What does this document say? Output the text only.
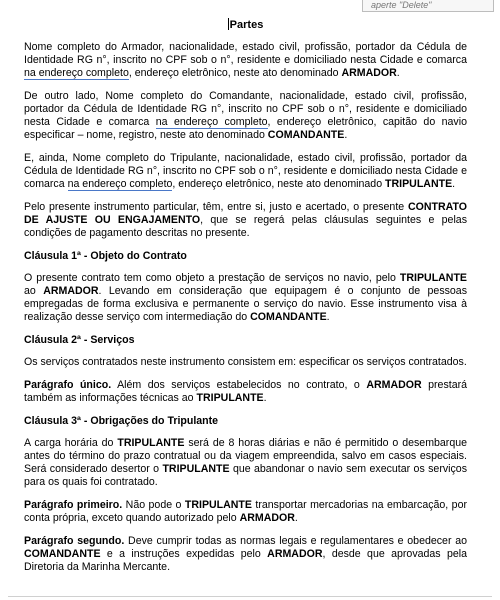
aperte "Delete"
Partes

Nome completo do Armador, nacionalidade, estado civil, profissão, portador da Cédula de Identidade RG n°, inscrito no CPF sob o n°, residente e domiciliado nesta Cidade e comarca na endereço completo, endereço eletrônico, neste ato denominado ARMADOR.

De outro lado, Nome completo do Comandante, nacionalidade, estado civil, profissão, portador da Cédula de Identidade RG n°, inscrito no CPF sob o n°, residente e domiciliado nesta Cidade e comarca na endereço completo, endereço eletrônico, capitão do navio especificar – nome, registro, neste ato denominado COMANDANTE.

E, ainda, Nome completo do Tripulante, nacionalidade, estado civil, profissão, portador da Cédula de Identidade RG n°, inscrito no CPF sob o n°, residente e domiciliado nesta Cidade e comarca na endereço completo, endereço eletrônico, neste ato denominado TRIPULANTE.

Pelo presente instrumento particular, têm, entre si, justo e acertado, o presente CONTRATO DE AJUSTE OU ENGAJAMENTO, que se regerá pelas cláusulas seguintes e pelas condições de pagamento descritas no presente.

Cláusula 1ª - Objeto do Contrato

O presente contrato tem como objeto a prestação de serviços no navio, pelo TRIPULANTE ao ARMADOR. Levando em consideração que equipagem é o conjunto de pessoas empregadas de forma exclusiva e permanente o serviço do navio. Esse instrumento visa à realização desse serviço com intermediação do COMANDANTE.

Cláusula 2ª - Serviços

Os serviços contratados neste instrumento consistem em: especificar os serviços contratados.

Parágrafo único. Além dos serviços estabelecidos no contrato, o ARMADOR prestará também as informações técnicas ao TRIPULANTE.

Cláusula 3ª - Obrigações do Tripulante

A carga horária do TRIPULANTE será de 8 horas diárias e não é permitido o desembarque antes do término do prazo contratual ou da viagem empreendida, salvo em casos especiais. Será considerado desertor o TRIPULANTE que abandonar o navio sem executar os serviços para os quais foi contratado.

Parágrafo primeiro. Não pode o TRIPULANTE transportar mercadorias na embarcação, por conta própria, exceto quando autorizado pelo ARMADOR.

Parágrafo segundo. Deve cumprir todas as normas legais e regulamentares e obedecer ao COMANDANTE e a instruções expedidas pelo ARMADOR, desde que aprovadas pela Diretoria da Marinha Mercante.
